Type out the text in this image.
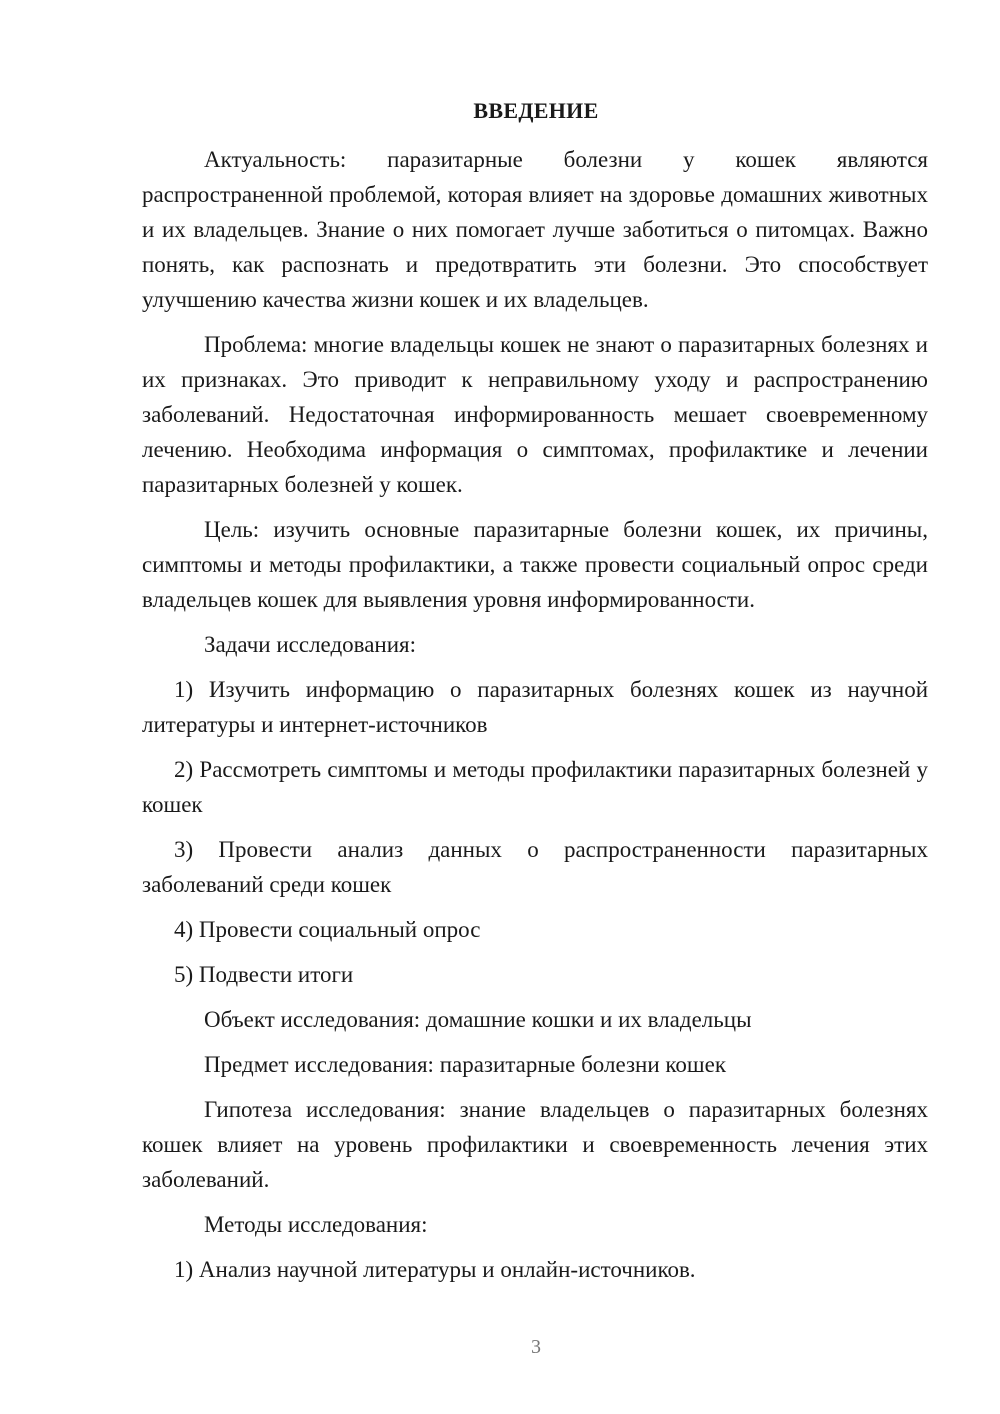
ВВЕДЕНИЕ

Актуальность: паразитарные болезни у кошек являются распространенной проблемой, которая влияет на здоровье домашних животных и их владельцев. Знание о них помогает лучше заботиться о питомцах. Важно понять, как распознать и предотвратить эти болезни. Это способствует улучшению качества жизни кошек и их владельцев.

Проблема: многие владельцы кошек не знают о паразитарных болезнях и их признаках. Это приводит к неправильному уходу и распространению заболеваний. Недостаточная информированность мешает своевременному лечению. Необходима информация о симптомах, профилактике и лечении паразитарных болезней у кошек.

Цель: изучить основные паразитарные болезни кошек, их причины, симптомы и методы профилактики, а также провести социальный опрос среди владельцев кошек для выявления уровня информированности.

Задачи исследования:

1) Изучить информацию о паразитарных болезнях кошек из научной литературы и интернет-источников

2) Рассмотреть симптомы и методы профилактики паразитарных болезней у кошек

3) Провести анализ данных о распространенности паразитарных заболеваний среди кошек

4) Провести социальный опрос

5) Подвести итоги

Объект исследования: домашние кошки и их владельцы

Предмет исследования: паразитарные болезни кошек

Гипотеза исследования: знание владельцев о паразитарных болезнях кошек влияет на уровень профилактики и своевременность лечения этих заболеваний.

Методы исследования:

1) Анализ научной литературы и онлайн-источников.

3
